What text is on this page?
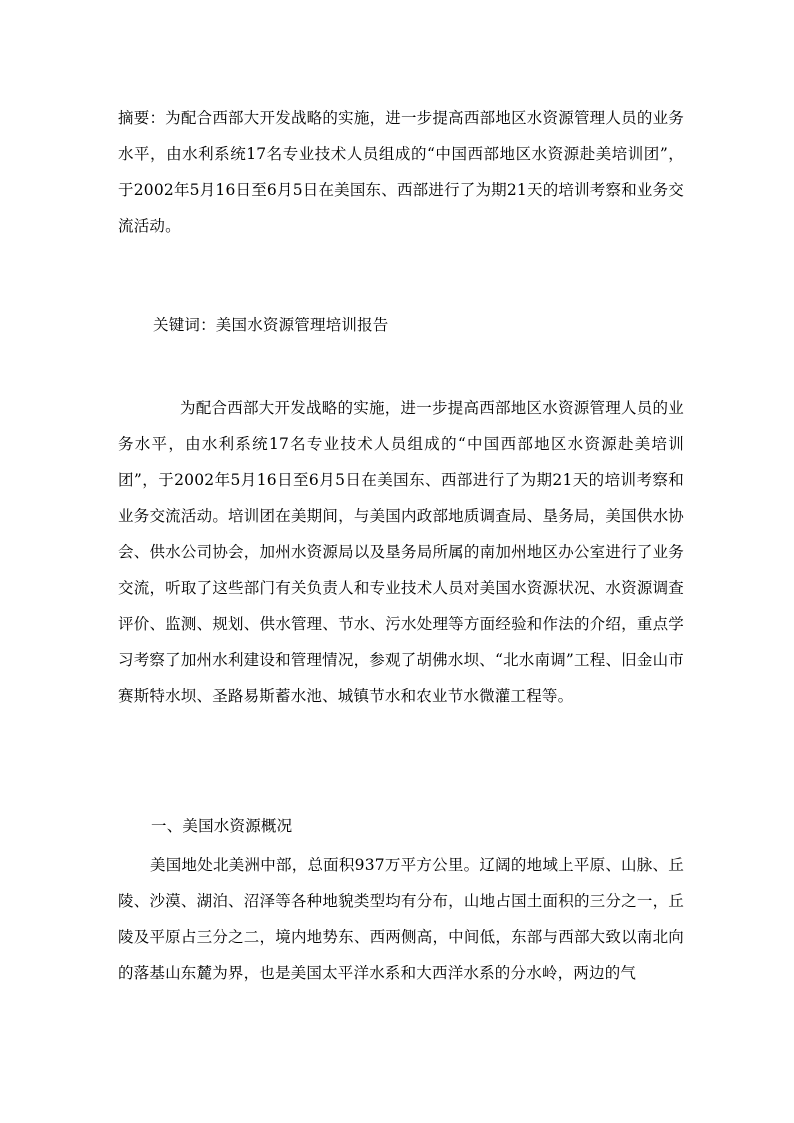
摘要：为配合西部大开发战略的实施，进一步提高西部地区水资源管理人员的业务水平，由水利系统17名专业技术人员组成的“中国西部地区水资源赴美培训团”，于2002年5月16日至6月5日在美国东、西部进行了为期21天的培训考察和业务交流活动。

关键词：美国水资源管理培训报告

为配合西部大开发战略的实施，进一步提高西部地区水资源管理人员的业务水平，由水利系统17名专业技术人员组成的“中国西部地区水资源赴美培训团”，于2002年5月16日至6月5日在美国东、西部进行了为期21天的培训考察和业务交流活动。培训团在美期间，与美国内政部地质调查局、垦务局，美国供水协会、供水公司协会，加州水资源局以及垦务局所属的南加州地区办公室进行了业务交流，听取了这些部门有关负责人和专业技术人员对美国水资源状况、水资源调查评价、监测、规划、供水管理、节水、污水处理等方面经验和作法的介绍，重点学习考察了加州水利建设和管理情况，参观了胡佛水坝、“北水南调”工程、旧金山市赛斯特水坝、圣路易斯蓄水池、城镇节水和农业节水微灌工程等。

一、美国水资源概况

美国地处北美洲中部，总面积937万平方公里。辽阔的地域上平原、山脉、丘陵、沙漠、湖泊、沼泽等各种地貌类型均有分布，山地占国土面积的三分之一，丘陵及平原占三分之二，境内地势东、西两侧高，中间低，东部与西部大致以南北向的落基山东麓为界，也是美国太平洋水系和大西洋水系的分水岭，两边的气
